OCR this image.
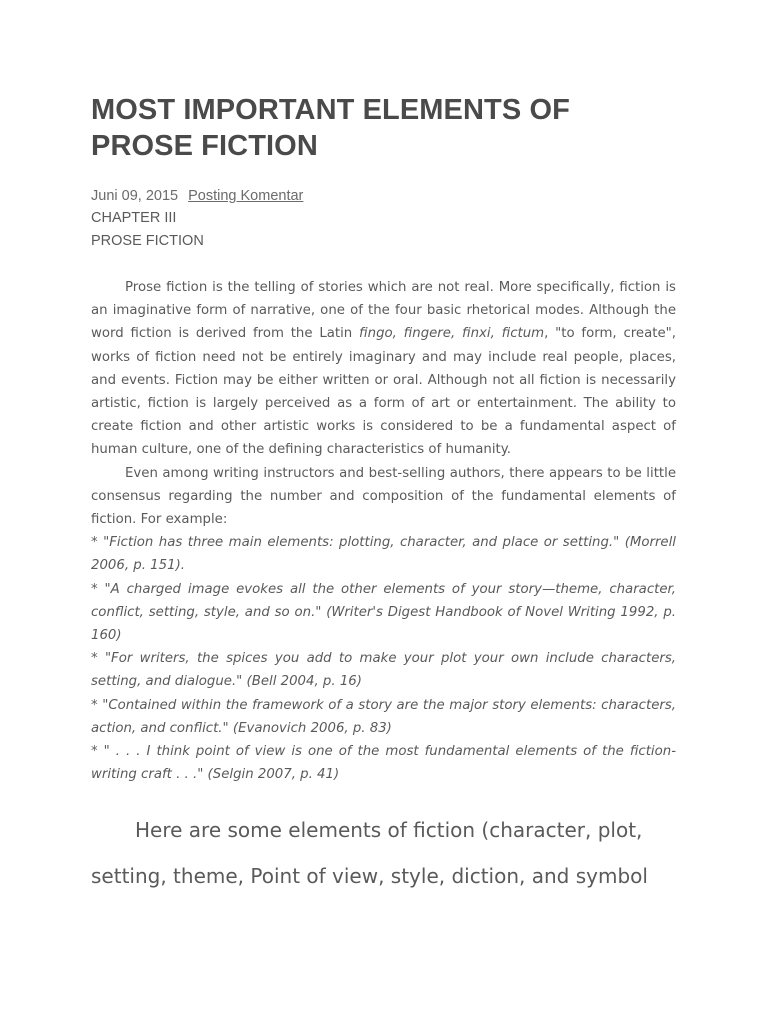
MOST IMPORTANT ELEMENTS OF
PROSE FICTION
Juni 09, 2015 Posting Komentar
CHAPTER III
PROSE FICTION

Prose fiction is the telling of stories which are not real. More specifically, fiction is an imaginative form of narrative, one of the four basic rhetorical modes. Although the word fiction is derived from the Latin fingo, fingere, finxi, fictum, "to form, create", works of fiction need not be entirely imaginary and may include real people, places, and events. Fiction may be either written or oral. Although not all fiction is necessarily artistic, fiction is largely perceived as a form of art or entertainment. The ability to create fiction and other artistic works is considered to be a fundamental aspect of human culture, one of the defining characteristics of humanity.

Even among writing instructors and best-selling authors, there appears to be little consensus regarding the number and composition of the fundamental elements of fiction. For example:

* "Fiction has three main elements: plotting, character, and place or setting." (Morrell 2006, p. 151).
* "A charged image evokes all the other elements of your story—theme, character, conflict, setting, style, and so on." (Writer's Digest Handbook of Novel Writing 1992, p. 160)
* "For writers, the spices you add to make your plot your own include characters, setting, and dialogue." (Bell 2004, p. 16)
* "Contained within the framework of a story are the major story elements: characters, action, and conflict." (Evanovich 2006, p. 83)
* " . . . I think point of view is one of the most fundamental elements of the fiction-writing craft . . ." (Selgin 2007, p. 41)
Here are some elements of fiction (character, plot,
setting, theme, Point of view, style, diction, and symbol
